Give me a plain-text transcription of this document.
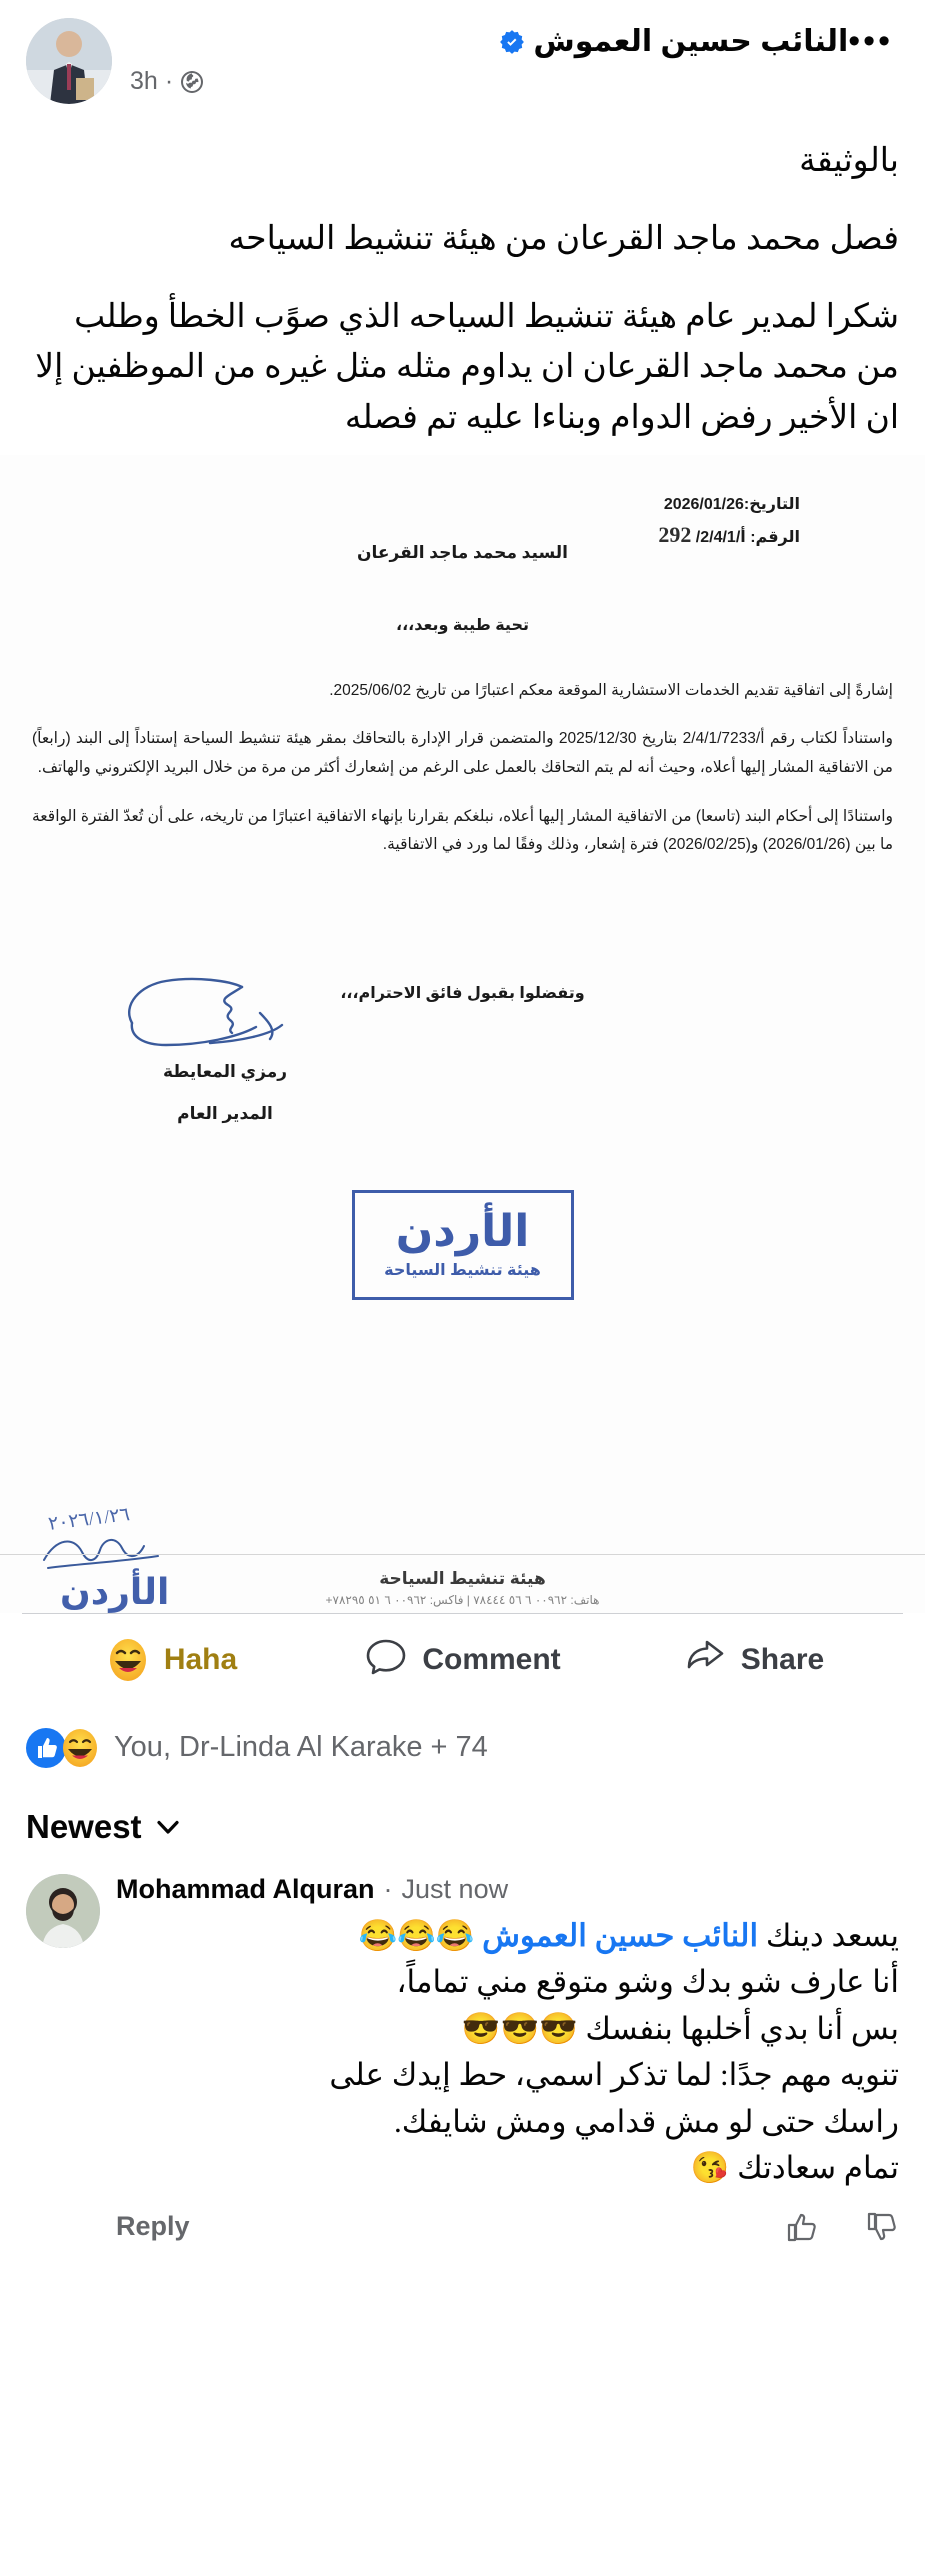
النائب حسين العموش
3h ·
•••

بالوثيقة

فصل محمد ماجد القرعان من هيئة تنشيط السياحه

شكرا لمدير عام هيئة تنشيط السياحه الذي صوًب الخطأ وطلب من محمد ماجد القرعان ان يداوم مثله مثل غيره من الموظفين إلا ان الأخير رفض الدوام وبناءا عليه تم فصله

التاريخ:2026/01/26
الرقم: أ/2/4/1/ 292
السيد محمد ماجد القرعان
تحية طيبة وبعد،،،

إشارةً إلى اتفاقية تقديم الخدمات الاستشارية الموقعة معكم اعتبارًا من تاريخ 2025/06/02.

واستناداً لكتاب رقم أ/2/4/1/7233 بتاريخ 2025/12/30 والمتضمن قرار الإدارة بالتحاقك بمقر هيئة تنشيط السياحة إستناداً إلى البند (رابعاً) من الاتفاقية المشار إليها أعلاه، وحيث أنه لم يتم التحاقك بالعمل على الرغم من إشعارك أكثر من مرة من خلال البريد الإلكتروني والهاتف.

واستنادًا إلى أحكام البند (تاسعا) من الاتفاقية المشار إليها أعلاه، نبلغكم بقرارنا بإنهاء الاتفاقية اعتبارًا من تاريخه، على أن تُعدّ الفترة الواقعة ما بين (2026/01/26) و(2026/02/25) فترة إشعار، وذلك وفقًا لما ورد في الاتفاقية.

وتفضلوا بقبول فائق الاحترام،،،
رمزي المعايطة
المدير العام
الأردن
هيئة تنشيط السياحة
٢٠٢٦/١/٢٦
الأردن	هيئة تنشيط السياحة
هاتف: ٠٠٩٦٢ ٦ ٥٦ ٧٨٤٤٤ | فاكس: ٠٠٩٦٢ ٦ ٥١ ٧٨٢٩٥+
Haha	Comment	Share
You, Dr-Linda Al Karake + 74
Newest
Mohammad Alquran · Just now
يسعد دينك النائب حسين العموش 😂😂😂
أنا عارف شو بدك وشو متوقع مني تماماً،
بس أنا بدي أخلبها بنفسك 😎😎😎
تنويه مهم جدًا: لما تذكر اسمي، حط إيدك على
راسك حتى لو مش قدامي ومش شايفك.
تمام سعادتك 😘
Reply
